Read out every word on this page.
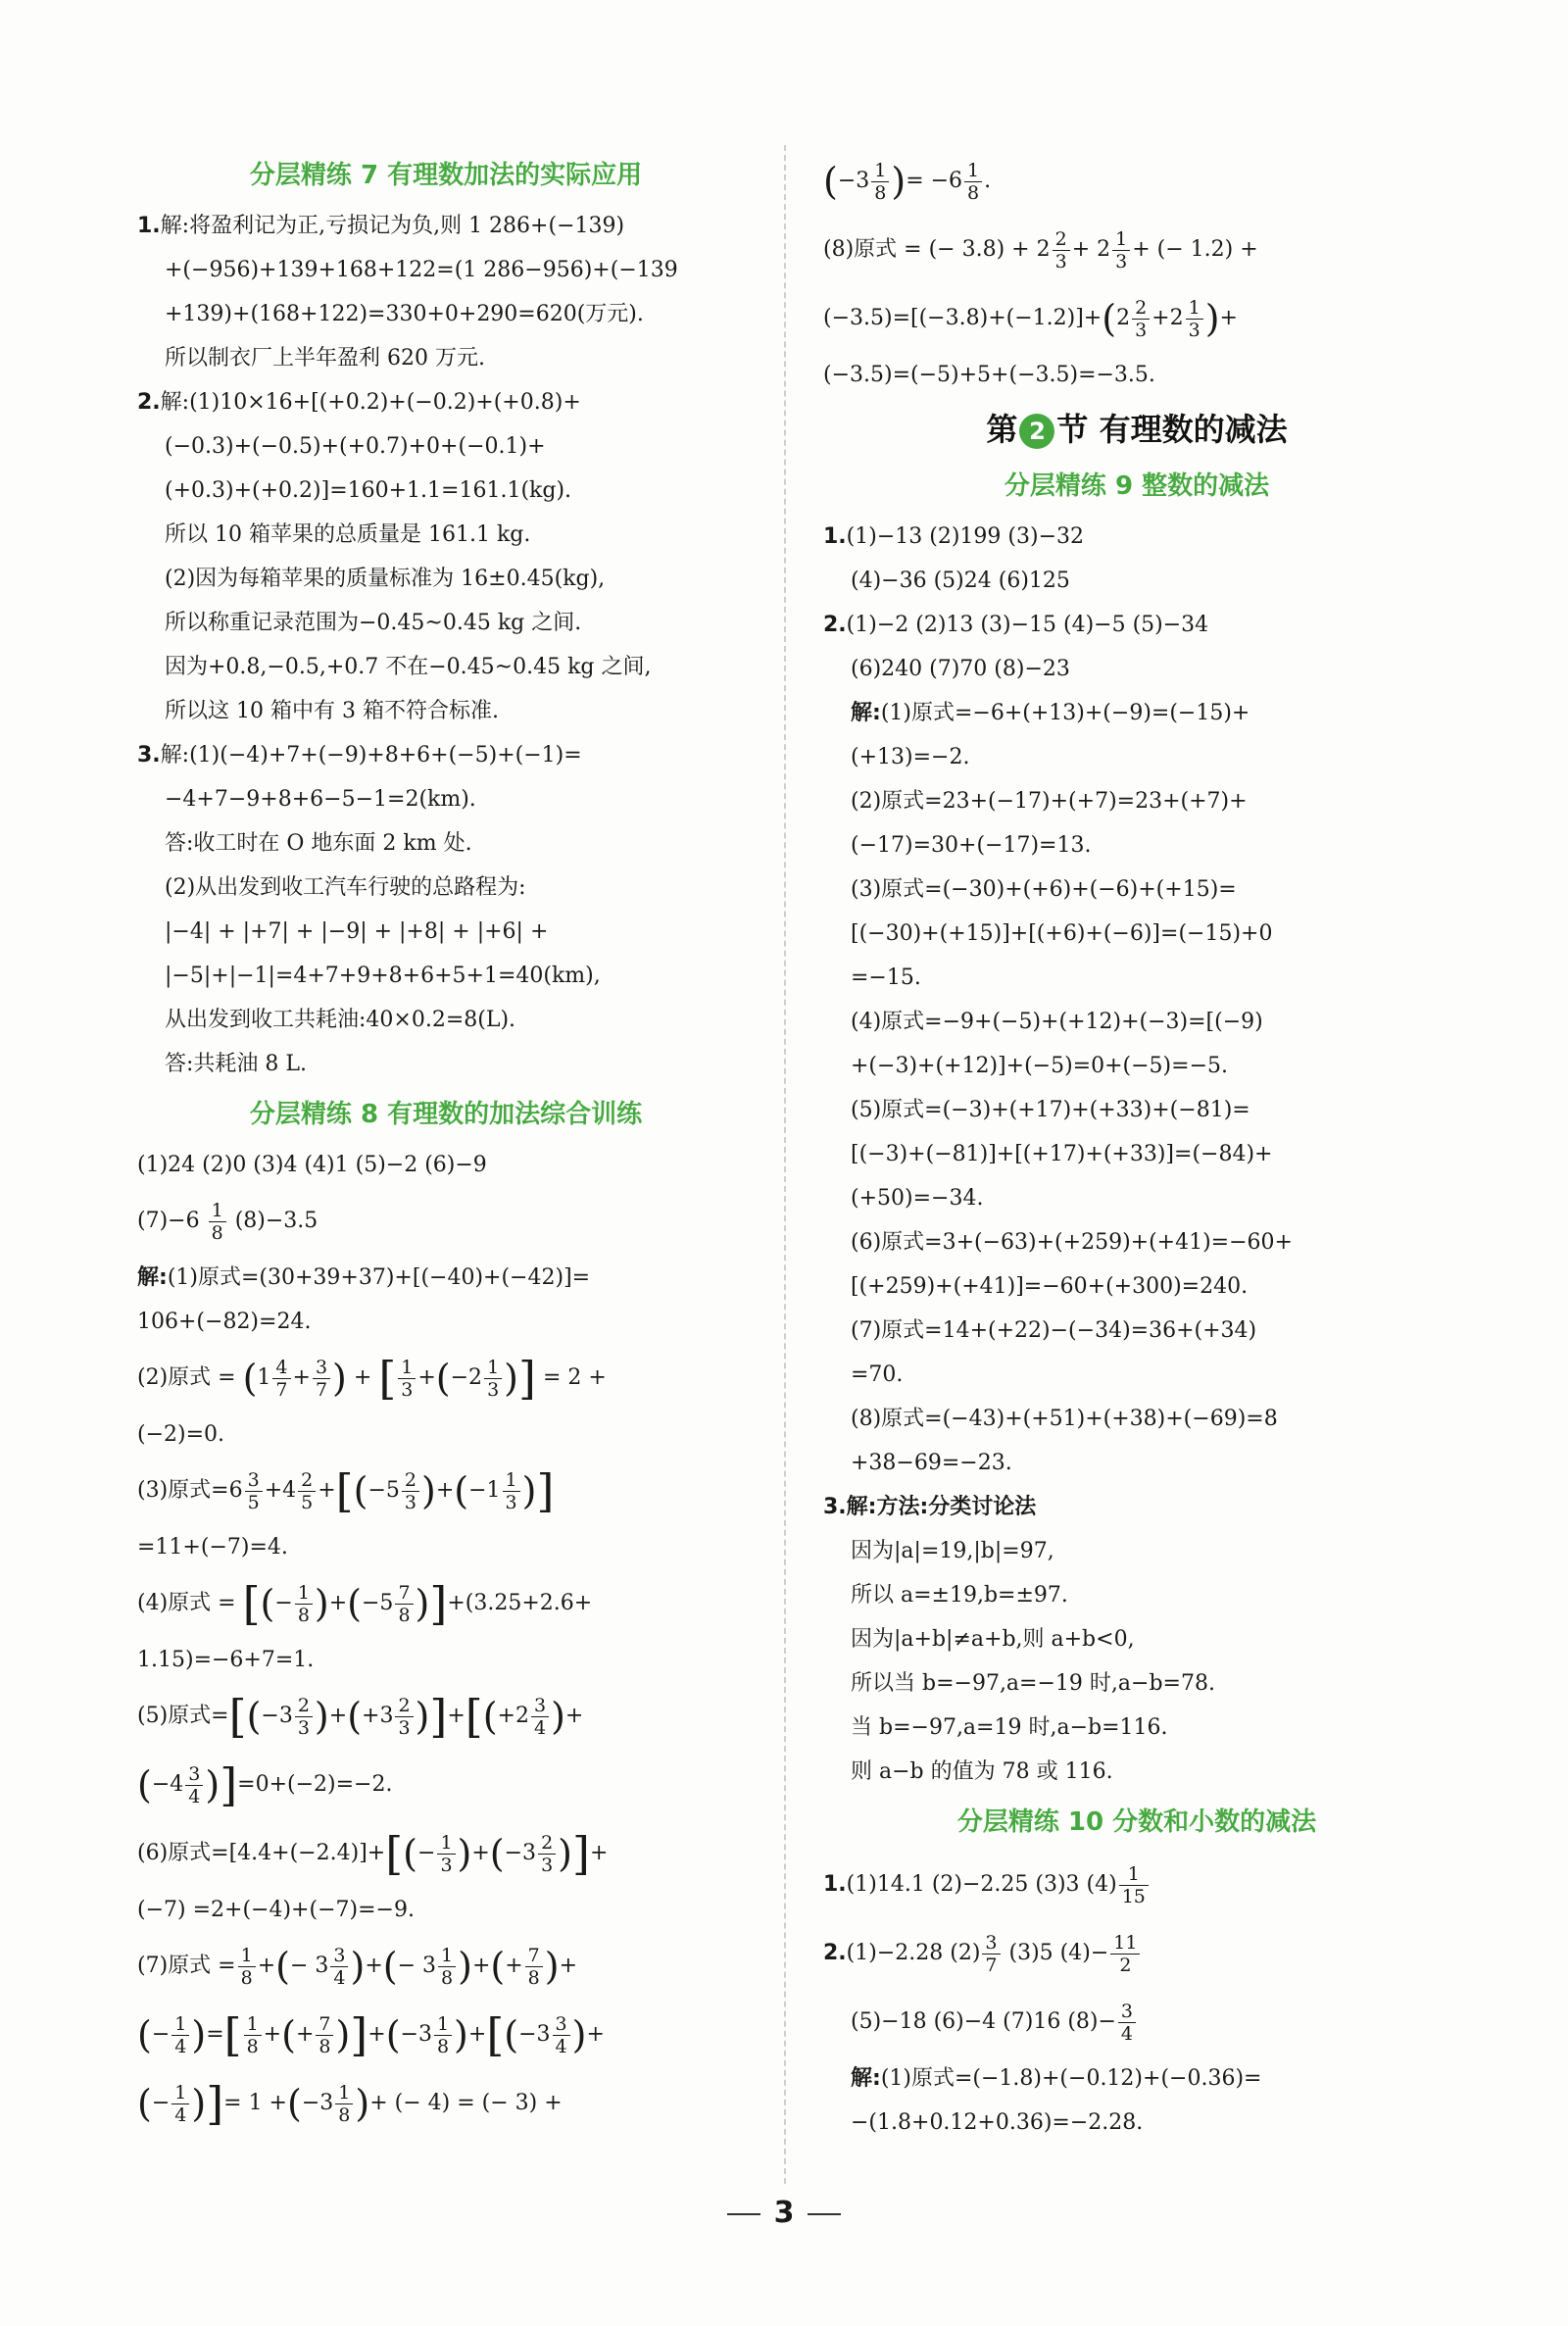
分层精练 7 有理数加法的实际应用
1.解:将盈利记为正,亏损记为负,则 1 286+(−139)
+(−956)+139+168+122=(1 286−956)+(−139
+139)+(168+122)=330+0+290=620(万元).
所以制衣厂上半年盈利 620 万元.
2.解:(1)10×16+[(+0.2)+(−0.2)+(+0.8)+
(−0.3)+(−0.5)+(+0.7)+0+(−0.1)+
(+0.3)+(+0.2)]=160+1.1=161.1(kg).
所以 10 箱苹果的总质量是 161.1 kg.
(2)因为每箱苹果的质量标准为 16±0.45(kg),
所以称重记录范围为−0.45~0.45 kg 之间.
因为+0.8,−0.5,+0.7 不在−0.45~0.45 kg 之间,
所以这 10 箱中有 3 箱不符合标准.
3.解:(1)(−4)+7+(−9)+8+6+(−5)+(−1)=
−4+7−9+8+6−5−1=2(km).
答:收工时在 O 地东面 2 km 处.
(2)从出发到收工汽车行驶的总路程为:
|−4| + |+7| + |−9| + |+8| + |+6| +
|−5|+|−1|=4+7+9+8+6+5+1=40(km),
从出发到收工共耗油:40×0.2=8(L).
答:共耗油 8 L.
分层精练 8 有理数的加法综合训练
(1)24 (2)0 (3)4 (4)1 (5)−2 (6)−9
$(7)-6 \frac{1}{8} (8)-3.5$
解:(1)原式=(30+39+37)+[(−40)+(−42)]=
106+(−82)=24.
(2)原式 = ($1 \frac{4}{7} + \frac{3}{7}$ ) + [ $\frac{1}{3} +(-2 \frac{1}{3}$ )] = 2 +
(−2)=0.
(3)原式$=6 \frac{3}{5} +4 \frac{2}{5} +[(-5 \frac{2}{3} )+(-1 \frac{1}{3}$ )]
=11+(−7)=4.
(4)原式 = [(− $\frac{1}{8} )+(-5 \frac{7}{8} )]+(3.25+2.6+$
1.15)=−6+7=1.
(5)原式$=[(-3 \frac{2}{3} )+(+3 \frac{2}{3} )]+[(+2 \frac{3}{4}$ )+
$(-4 \frac{3}{4} )]=0+(-2)=-2$.
(6)原式$=[4.4+(-2.4)]+[(- \frac{1}{3} )+(-3 \frac{2}{3}$ )]+
(−7) =2+(−4)+(−7)=−9.
(7)原式 = $\frac{1}{8}$ +(− $3 \frac{3}{4}$ )+(− $3 \frac{1}{8}$ )+(+ $\frac{7}{8}$ )+
(− $\frac{1}{4}$ )=[ $\frac{1}{8}$ +(+ $\frac{7}{8} )]+(-3 \frac{1}{8} )+[(-3 \frac{3}{4}$ )+
(− $\frac{1}{4}$ )]= $1 +(-3 \frac{1}{8}$ )+ (− 4) = (− 3) +
($-3 \frac{1}{8}$ )= $-6 \frac{1}{8}$ .
(8)原式 = (− $3.8) + 2 \frac{2}{3} + 2 \frac{1}{3}$ + (− 1.2) +
$(-3.5)=[(-3.8)+(-1.2)]+(2 \frac{2}{3} +2 \frac{1}{3}$ )+
(−3.5)=(−5)+5+(−3.5)=−3.5.
第 2 节 有理数的减法
分层精练 9 整数的减法
1.(1)−13 (2)199 (3)−32
(4)−36 (5)24 (6)125
2.(1)−2 (2)13 (3)−15 (4)−5 (5)−34
(6)240 (7)70 (8)−23
解:(1)原式=−6+(+13)+(−9)=(−15)+
(+13)=−2.
(2)原式=23+(−17)+(+7)=23+(+7)+
(−17)=30+(−17)=13.
(3)原式=(−30)+(+6)+(−6)+(+15)=
[(−30)+(+15)]+[(+6)+(−6)]=(−15)+0
=−15.
(4)原式=−9+(−5)+(+12)+(−3)=[(−9)
+(−3)+(+12)]+(−5)=0+(−5)=−5.
(5)原式=(−3)+(+17)+(+33)+(−81)=
[(−3)+(−81)]+[(+17)+(+33)]=(−84)+
(+50)=−34.
(6)原式=3+(−63)+(+259)+(+41)=−60+
[(+259)+(+41)]=−60+(+300)=240.
(7)原式=14+(+22)−(−34)=36+(+34)
=70.
(8)原式=(−43)+(+51)+(+38)+(−69)=8
+38−69=−23.
3.解:方法:分类讨论法
因为|a|=19,|b|=97,
所以 a=±19,b=±97.
因为|a+b|≠a+b,则 a+b<0,
所以当 b=−97,a=−19 时,a−b=78.
当 b=−97,a=19 时,a−b=116.
则 a−b 的值为 78 或 116.
分层精练 10 分数和小数的减法
1.(1)14.1 (2)−2.25 (3)3 $(4) \frac{1}{15}$
2.(1)−2.28 $(2) \frac{3}{7} (3)5$ $(4)- \frac{11}{2}$
(5)−18 (6)−4 (7)16 $(8)- \frac{3}{4}$
解:(1)原式=(−1.8)+(−0.12)+(−0.36)=
−(1.8+0.12+0.36)=−2.28.
3
